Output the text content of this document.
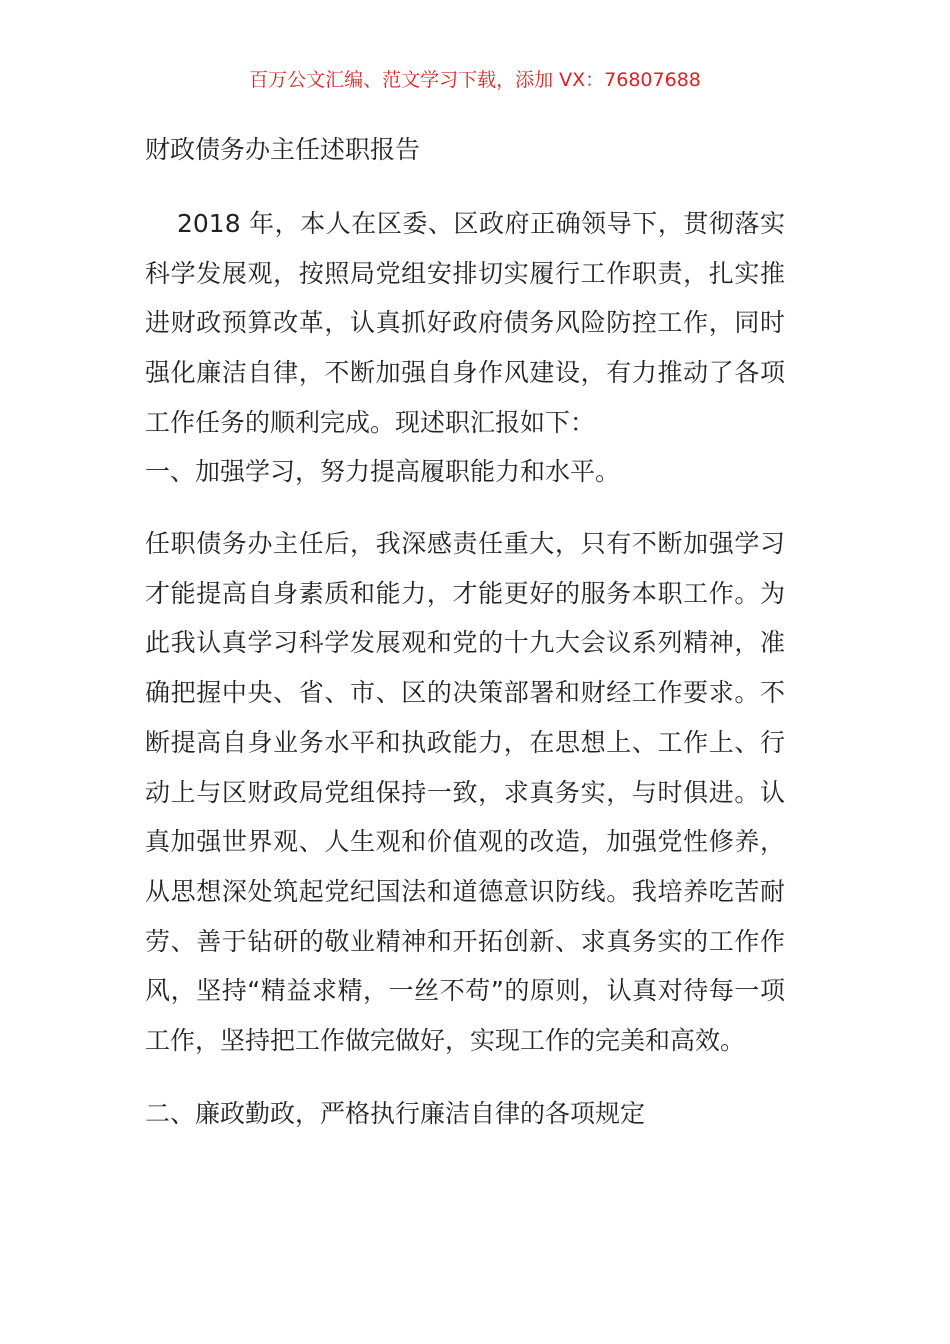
百万公文汇编、范文学习下载，添加 VX：76807688
财政债务办主任述职报告

2018 年，本人在区委、区政府正确领导下，贯彻落实科学发展观，按照局党组安排切实履行工作职责，扎实推进财政预算改革，认真抓好政府债务风险防控工作，同时强化廉洁自律，不断加强自身作风建设，有力推动了各项工作任务的顺利完成。现述职汇报如下：

一、加强学习，努力提高履职能力和水平。

任职债务办主任后，我深感责任重大，只有不断加强学习才能提高自身素质和能力，才能更好的服务本职工作。为此我认真学习科学发展观和党的十九大会议系列精神，准确把握中央、省、市、区的决策部署和财经工作要求。不断提高自身业务水平和执政能力，在思想上、工作上、行动上与区财政局党组保持一致，求真务实，与时俱进。认真加强世界观、人生观和价值观的改造，加强党性修养，从思想深处筑起党纪国法和道德意识防线。我培养吃苦耐劳、善于钻研的敬业精神和开拓创新、求真务实的工作作风，坚持“精益求精，一丝不苟”的原则，认真对待每一项工作，坚持把工作做完做好，实现工作的完美和高效。

二、廉政勤政，严格执行廉洁自律的各项规定
